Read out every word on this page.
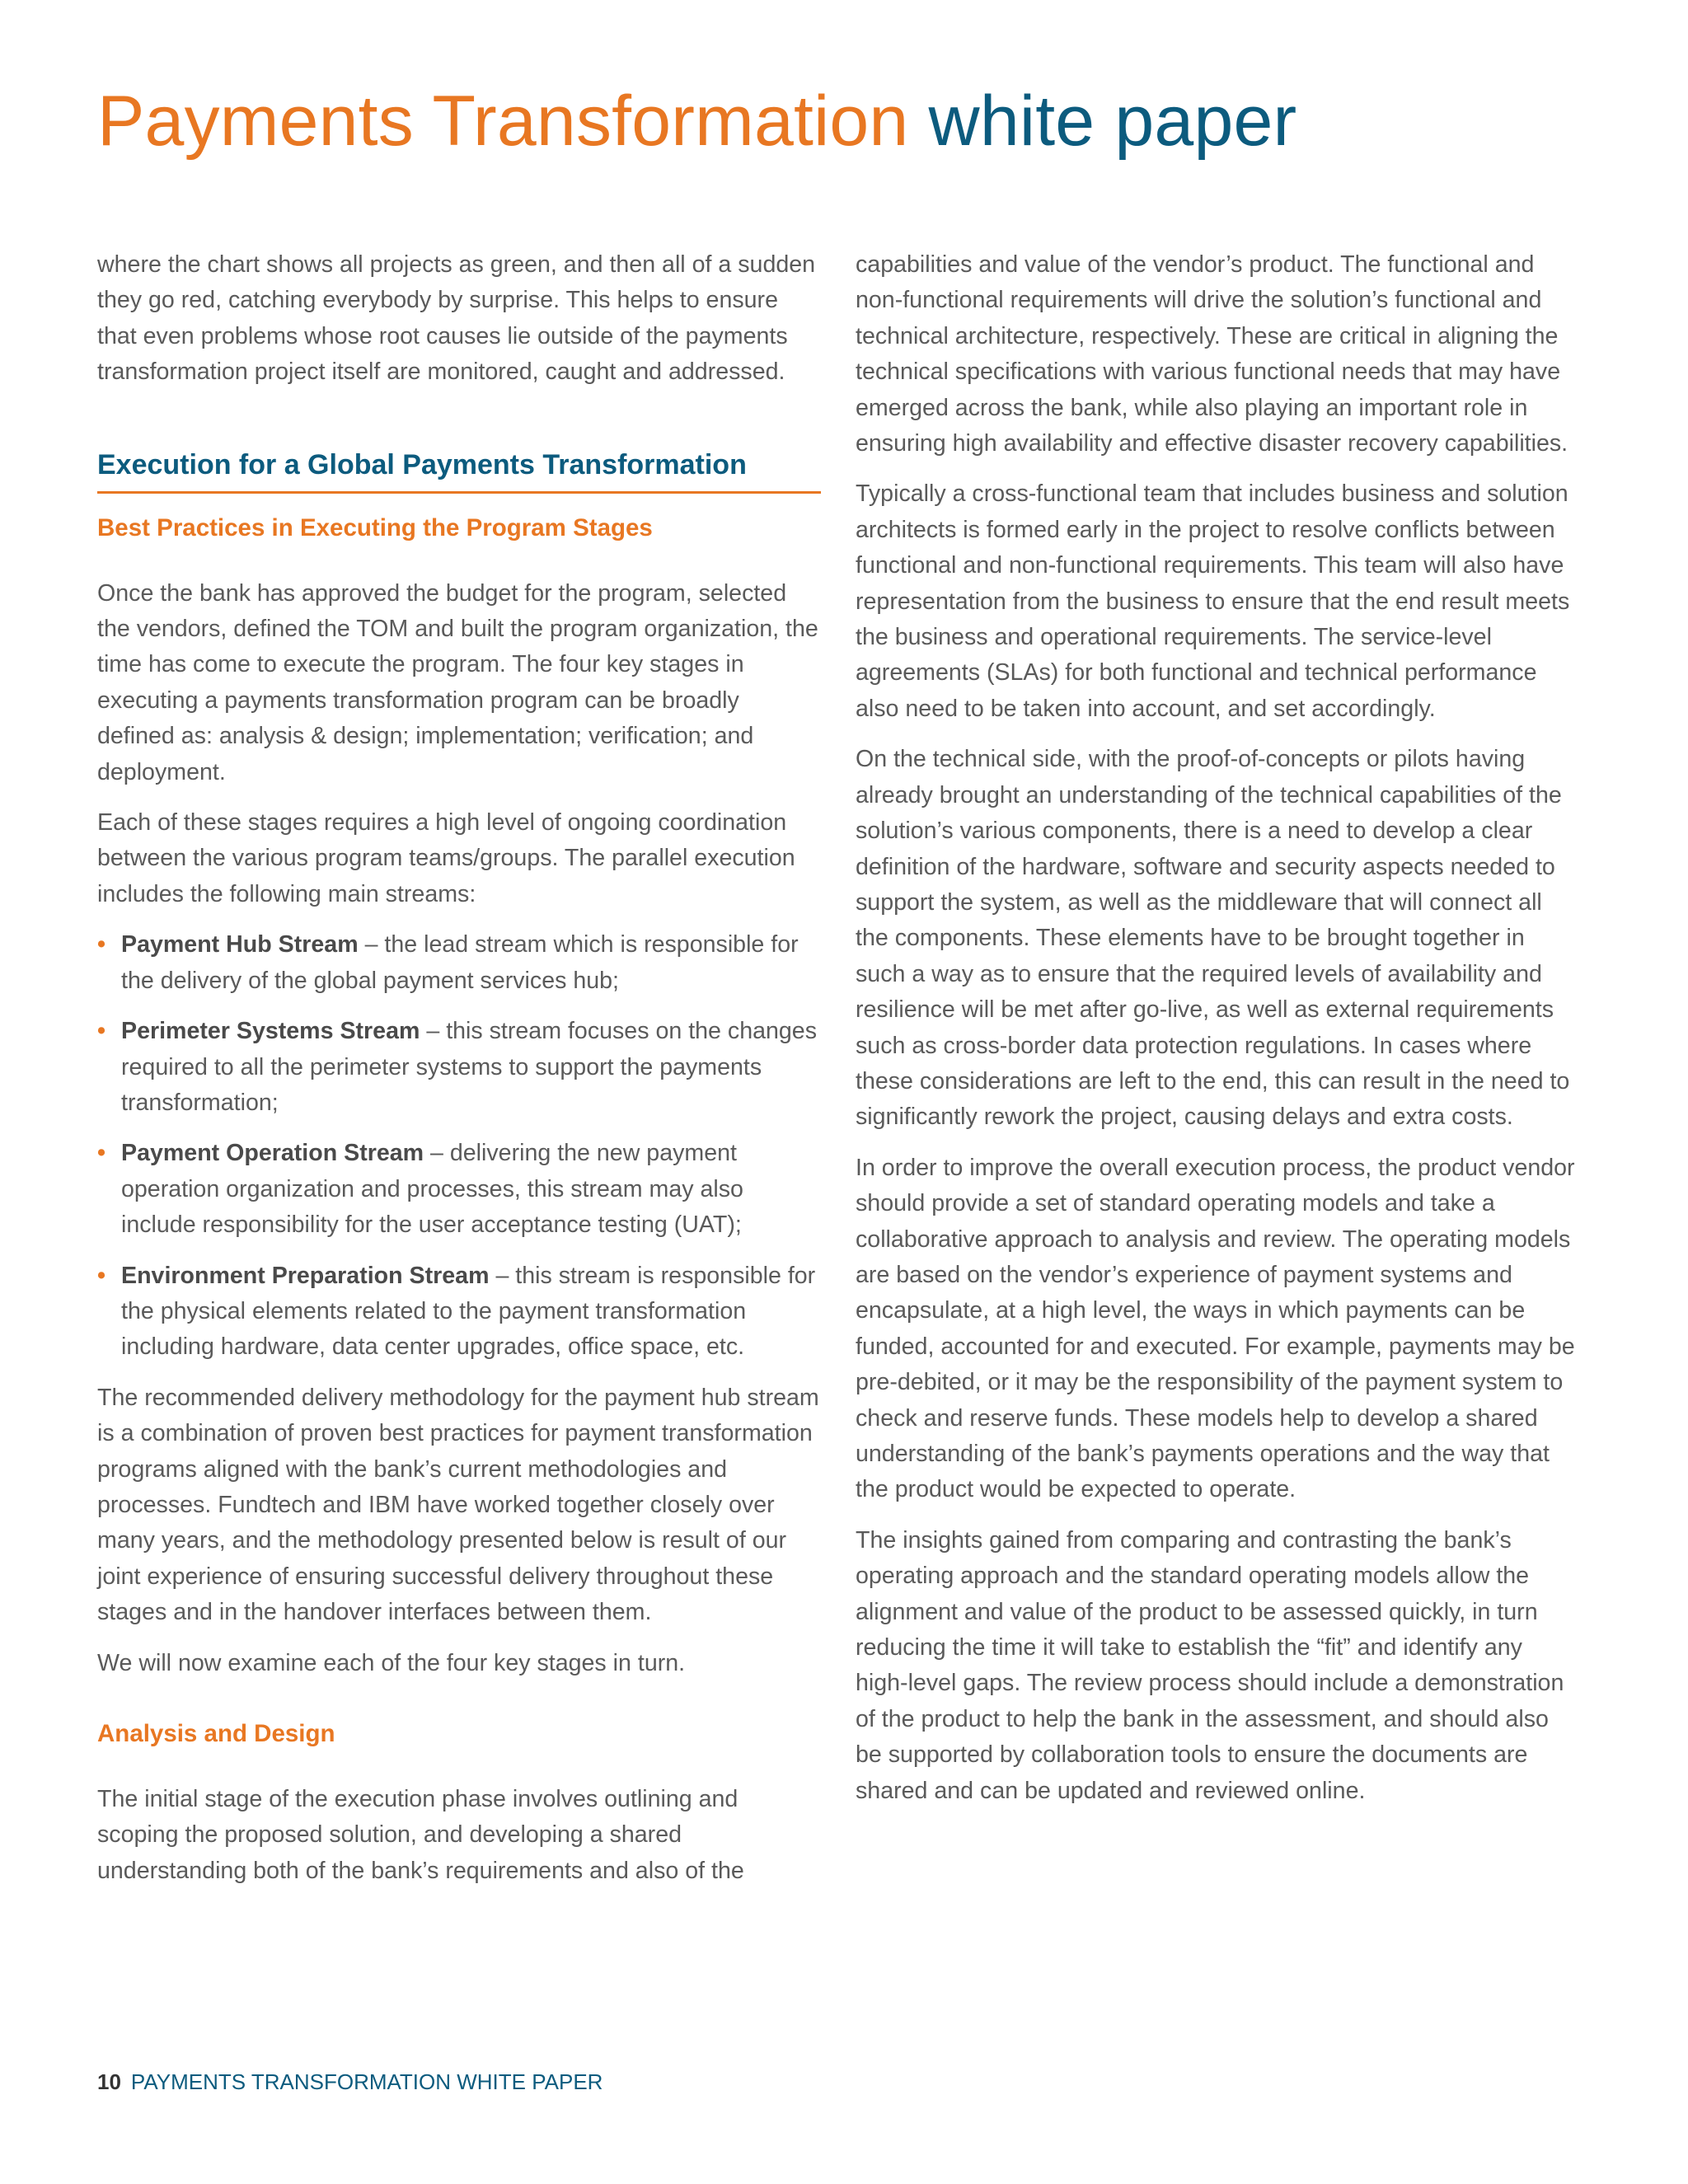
Payments Transformation white paper

where the chart shows all projects as green, and then all of a sudden they go red, catching everybody by surprise. This helps to ensure that even problems whose root causes lie outside of the payments transformation project itself are monitored, caught and addressed.

Execution for a Global Payments Transformation
Best Practices in Executing the Program Stages

Once the bank has approved the budget for the program, selected the vendors, defined the TOM and built the program organization, the time has come to execute the program. The four key stages in executing a payments transformation program can be broadly defined as: analysis & design; implementation; verification; and deployment.

Each of these stages requires a high level of ongoing coordination between the various program teams/groups. The parallel execution includes the following main streams:

• Payment Hub Stream – the lead stream which is responsible for the delivery of the global payment services hub;
• Perimeter Systems Stream – this stream focuses on the changes required to all the perimeter systems to support the payments transformation;
• Payment Operation Stream – delivering the new payment operation organization and processes, this stream may also include responsibility for the user acceptance testing (UAT);
• Environment Preparation Stream – this stream is responsible for the physical elements related to the payment transformation including hardware, data center upgrades, office space, etc.

The recommended delivery methodology for the payment hub stream is a combination of proven best practices for payment transformation programs aligned with the bank’s current methodologies and processes. Fundtech and IBM have worked together closely over many years, and the methodology presented below is result of our joint experience of ensuring successful delivery throughout these stages and in the handover interfaces between them.

We will now examine each of the four key stages in turn.

Analysis and Design

The initial stage of the execution phase involves outlining and scoping the proposed solution, and developing a shared understanding both of the bank’s requirements and also of the

capabilities and value of the vendor’s product. The functional and non-functional requirements will drive the solution’s functional and technical architecture, respectively. These are critical in aligning the technical specifications with various functional needs that may have emerged across the bank, while also playing an important role in ensuring high availability and effective disaster recovery capabilities.

Typically a cross-functional team that includes business and solution architects is formed early in the project to resolve conflicts between functional and non-functional requirements. This team will also have representation from the business to ensure that the end result meets the business and operational requirements. The service-level agreements (SLAs) for both functional and technical performance also need to be taken into account, and set accordingly.

On the technical side, with the proof-of-concepts or pilots having already brought an understanding of the technical capabilities of the solution’s various components, there is a need to develop a clear definition of the hardware, software and security aspects needed to support the system, as well as the middleware that will connect all the components. These elements have to be brought together in such a way as to ensure that the required levels of availability and resilience will be met after go-live, as well as external requirements such as cross-border data protection regulations. In cases where these considerations are left to the end, this can result in the need to significantly rework the project, causing delays and extra costs.

In order to improve the overall execution process, the product vendor should provide a set of standard operating models and take a collaborative approach to analysis and review. The operating models are based on the vendor’s experience of payment systems and encapsulate, at a high level, the ways in which payments can be funded, accounted for and executed. For example, payments may be pre-debited, or it may be the responsibility of the payment system to check and reserve funds. These models help to develop a shared understanding of the bank’s payments operations and the way that the product would be expected to operate.

The insights gained from comparing and contrasting the bank’s operating approach and the standard operating models allow the alignment and value of the product to be assessed quickly, in turn reducing the time it will take to establish the “fit” and identify any high-level gaps. The review process should include a demonstration of the product to help the bank in the assessment, and should also be supported by collaboration tools to ensure the documents are shared and can be updated and reviewed online.

10 PAYMENTS TRANSFORMATION WHITE PAPER
